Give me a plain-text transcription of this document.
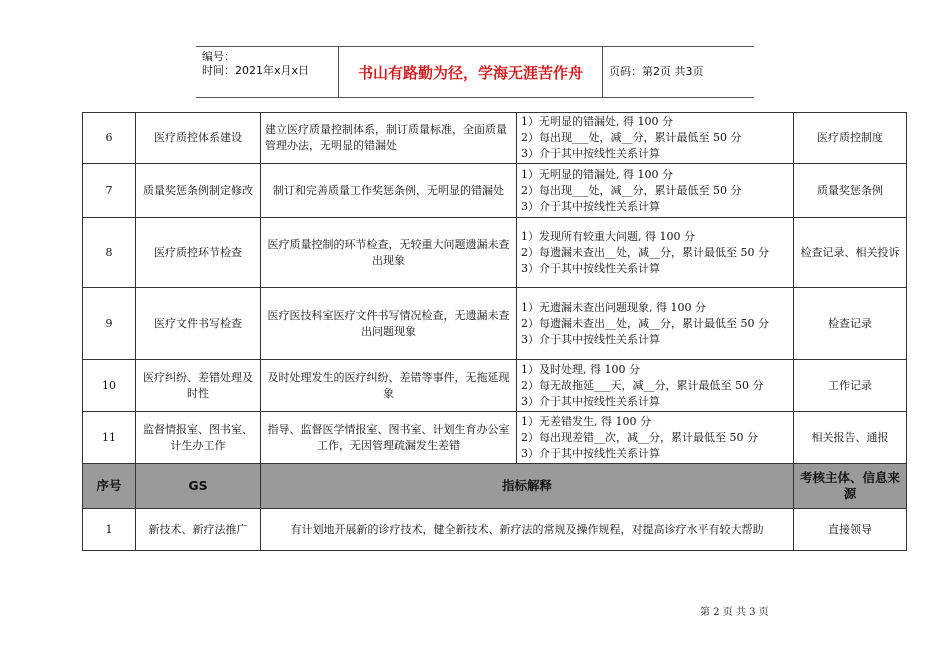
编号：
时间：2021年x月x日	书山有路勤为径，学海无涯苦作舟 页码：第2页 共3页
6	医疗质控体系建设	建立医疗质量控制体系，制订质量标准，全面质量管理办法，无明显的错漏处	1）无明显的错漏处, 得 100 分
2）每出现___处，减__分，累计最低至 50 分
3）介于其中按线性关系计算	医疗质控制度
7	质量奖惩条例制定修改	制订和完善质量工作奖惩条例，无明显的错漏处	1）无明显的错漏处, 得 100 分
2）每出现___处，减__分，累计最低至 50 分
3）介于其中按线性关系计算	质量奖惩条例
8	医疗质控环节检查	医疗质量控制的环节检查，无较重大问题遗漏未查出现象	1）发现所有较重大问题, 得 100 分
2）每遗漏未查出__处，减__分，累计最低至 50 分
3）介于其中按线性关系计算	检查记录、相关投诉
9	医疗文件书写检查	医疗医技科室医疗文件书写情况检查，无遗漏未查出问题现象	1）无遗漏未查出问题现象, 得 100 分
2）每遗漏未查出__处，减__分，累计最低至 50 分
3）介于其中按线性关系计算	检查记录
10	医疗纠纷、差错处理及时性	及时处理发生的医疗纠纷、差错等事件，无拖延现象	1）及时处理, 得 100 分
2）每无故拖延___天，减__分，累计最低至 50 分
3）介于其中按线性关系计算	工作记录
11	监督情报室、图书室、计生办工作	指导、监督医学情报室、图书室、计划生育办公室工作，无因管理疏漏发生差错	1）无差错发生, 得 100 分
2）每出现差错__次，减__分，累计最低至 50 分
3）介于其中按线性关系计算	相关报告、通报
序号	GS	指标解释		考核主体、信息来源
1	新技术、新疗法推广	有计划地开展新的诊疗技术，健全新技术、新疗法的常规及操作规程，对提高诊疗水平有较大帮助		直接领导
第 2 页 共 3 页
